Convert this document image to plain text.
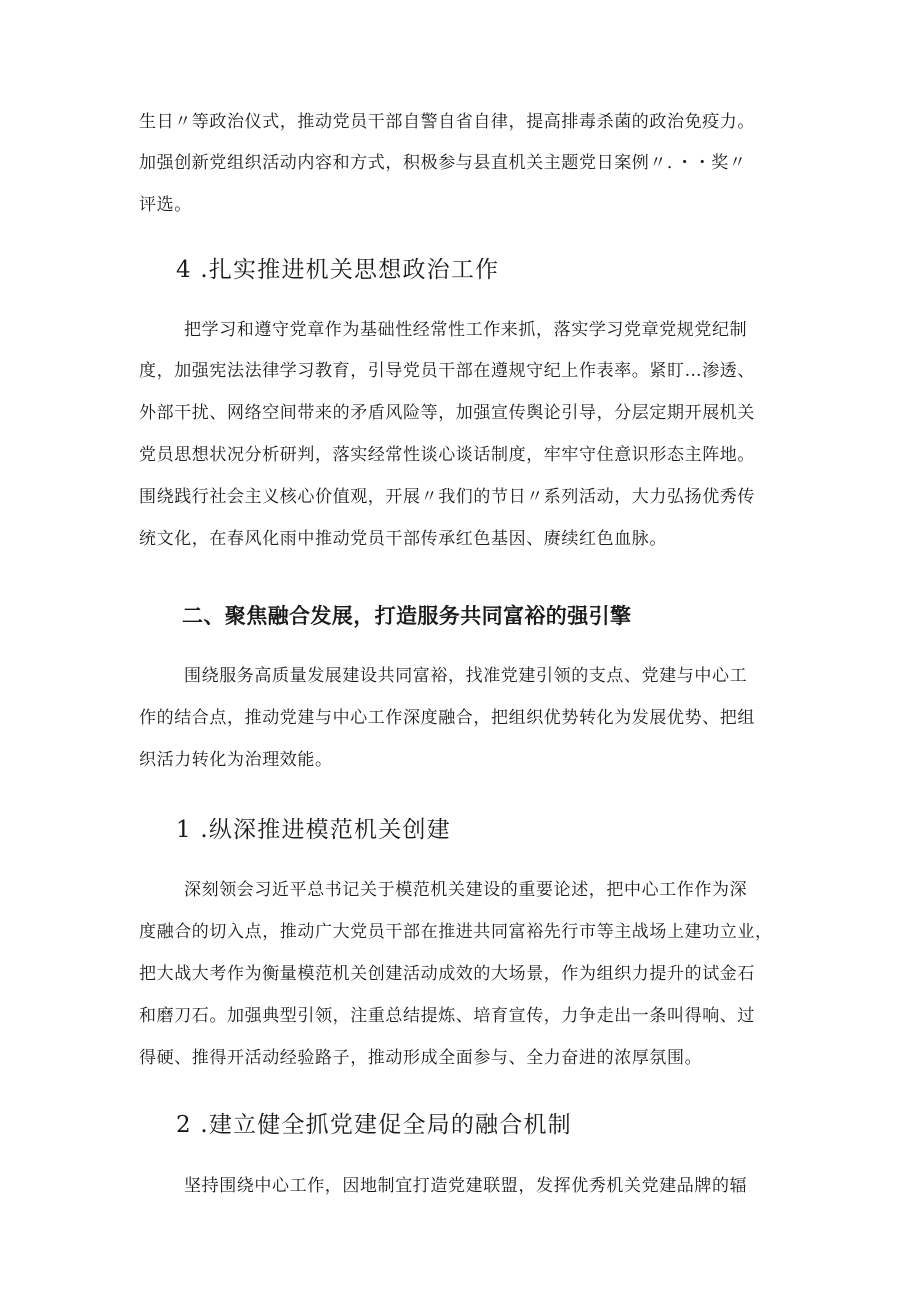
生日〃等政治仪式，推动党员干部自警自省自律，提高排毒杀菌的政治免疫力。
加强创新党组织活动内容和方式，积极参与县直机关主题党日案例〃．・・奖〃
评选。
4 .扎实推进机关思想政治工作
把学习和遵守党章作为基础性经常性工作来抓，落实学习党章党规党纪制
度，加强宪法法律学习教育，引导党员干部在遵规守纪上作表率。紧盯…渗透、
外部干扰、网络空间带来的矛盾风险等，加强宣传舆论引导，分层定期开展机关
党员思想状况分析研判，落实经常性谈心谈话制度，牢牢守住意识形态主阵地。
围绕践行社会主义核心价值观，开展〃我们的节日〃系列活动，大力弘扬优秀传
统文化，在春风化雨中推动党员干部传承红色基因、赓续红色血脉。
二、聚焦融合发展，打造服务共同富裕的强引擎
围绕服务高质量发展建设共同富裕，找准党建引领的支点、党建与中心工
作的结合点，推动党建与中心工作深度融合，把组织优势转化为发展优势、把组
织活力转化为治理效能。
1 .纵深推进模范机关创建
深刻领会习近平总书记关于模范机关建设的重要论述，把中心工作作为深
度融合的切入点，推动广大党员干部在推进共同富裕先行市等主战场上建功立业，
把大战大考作为衡量模范机关创建活动成效的大场景，作为组织力提升的试金石
和磨刀石。加强典型引领，注重总结提炼、培育宣传，力争走出一条叫得响、过
得硬、推得开活动经验路子，推动形成全面参与、全力奋进的浓厚氛围。
2 .建立健全抓党建促全局的融合机制
坚持围绕中心工作，因地制宜打造党建联盟，发挥优秀机关党建品牌的辐
